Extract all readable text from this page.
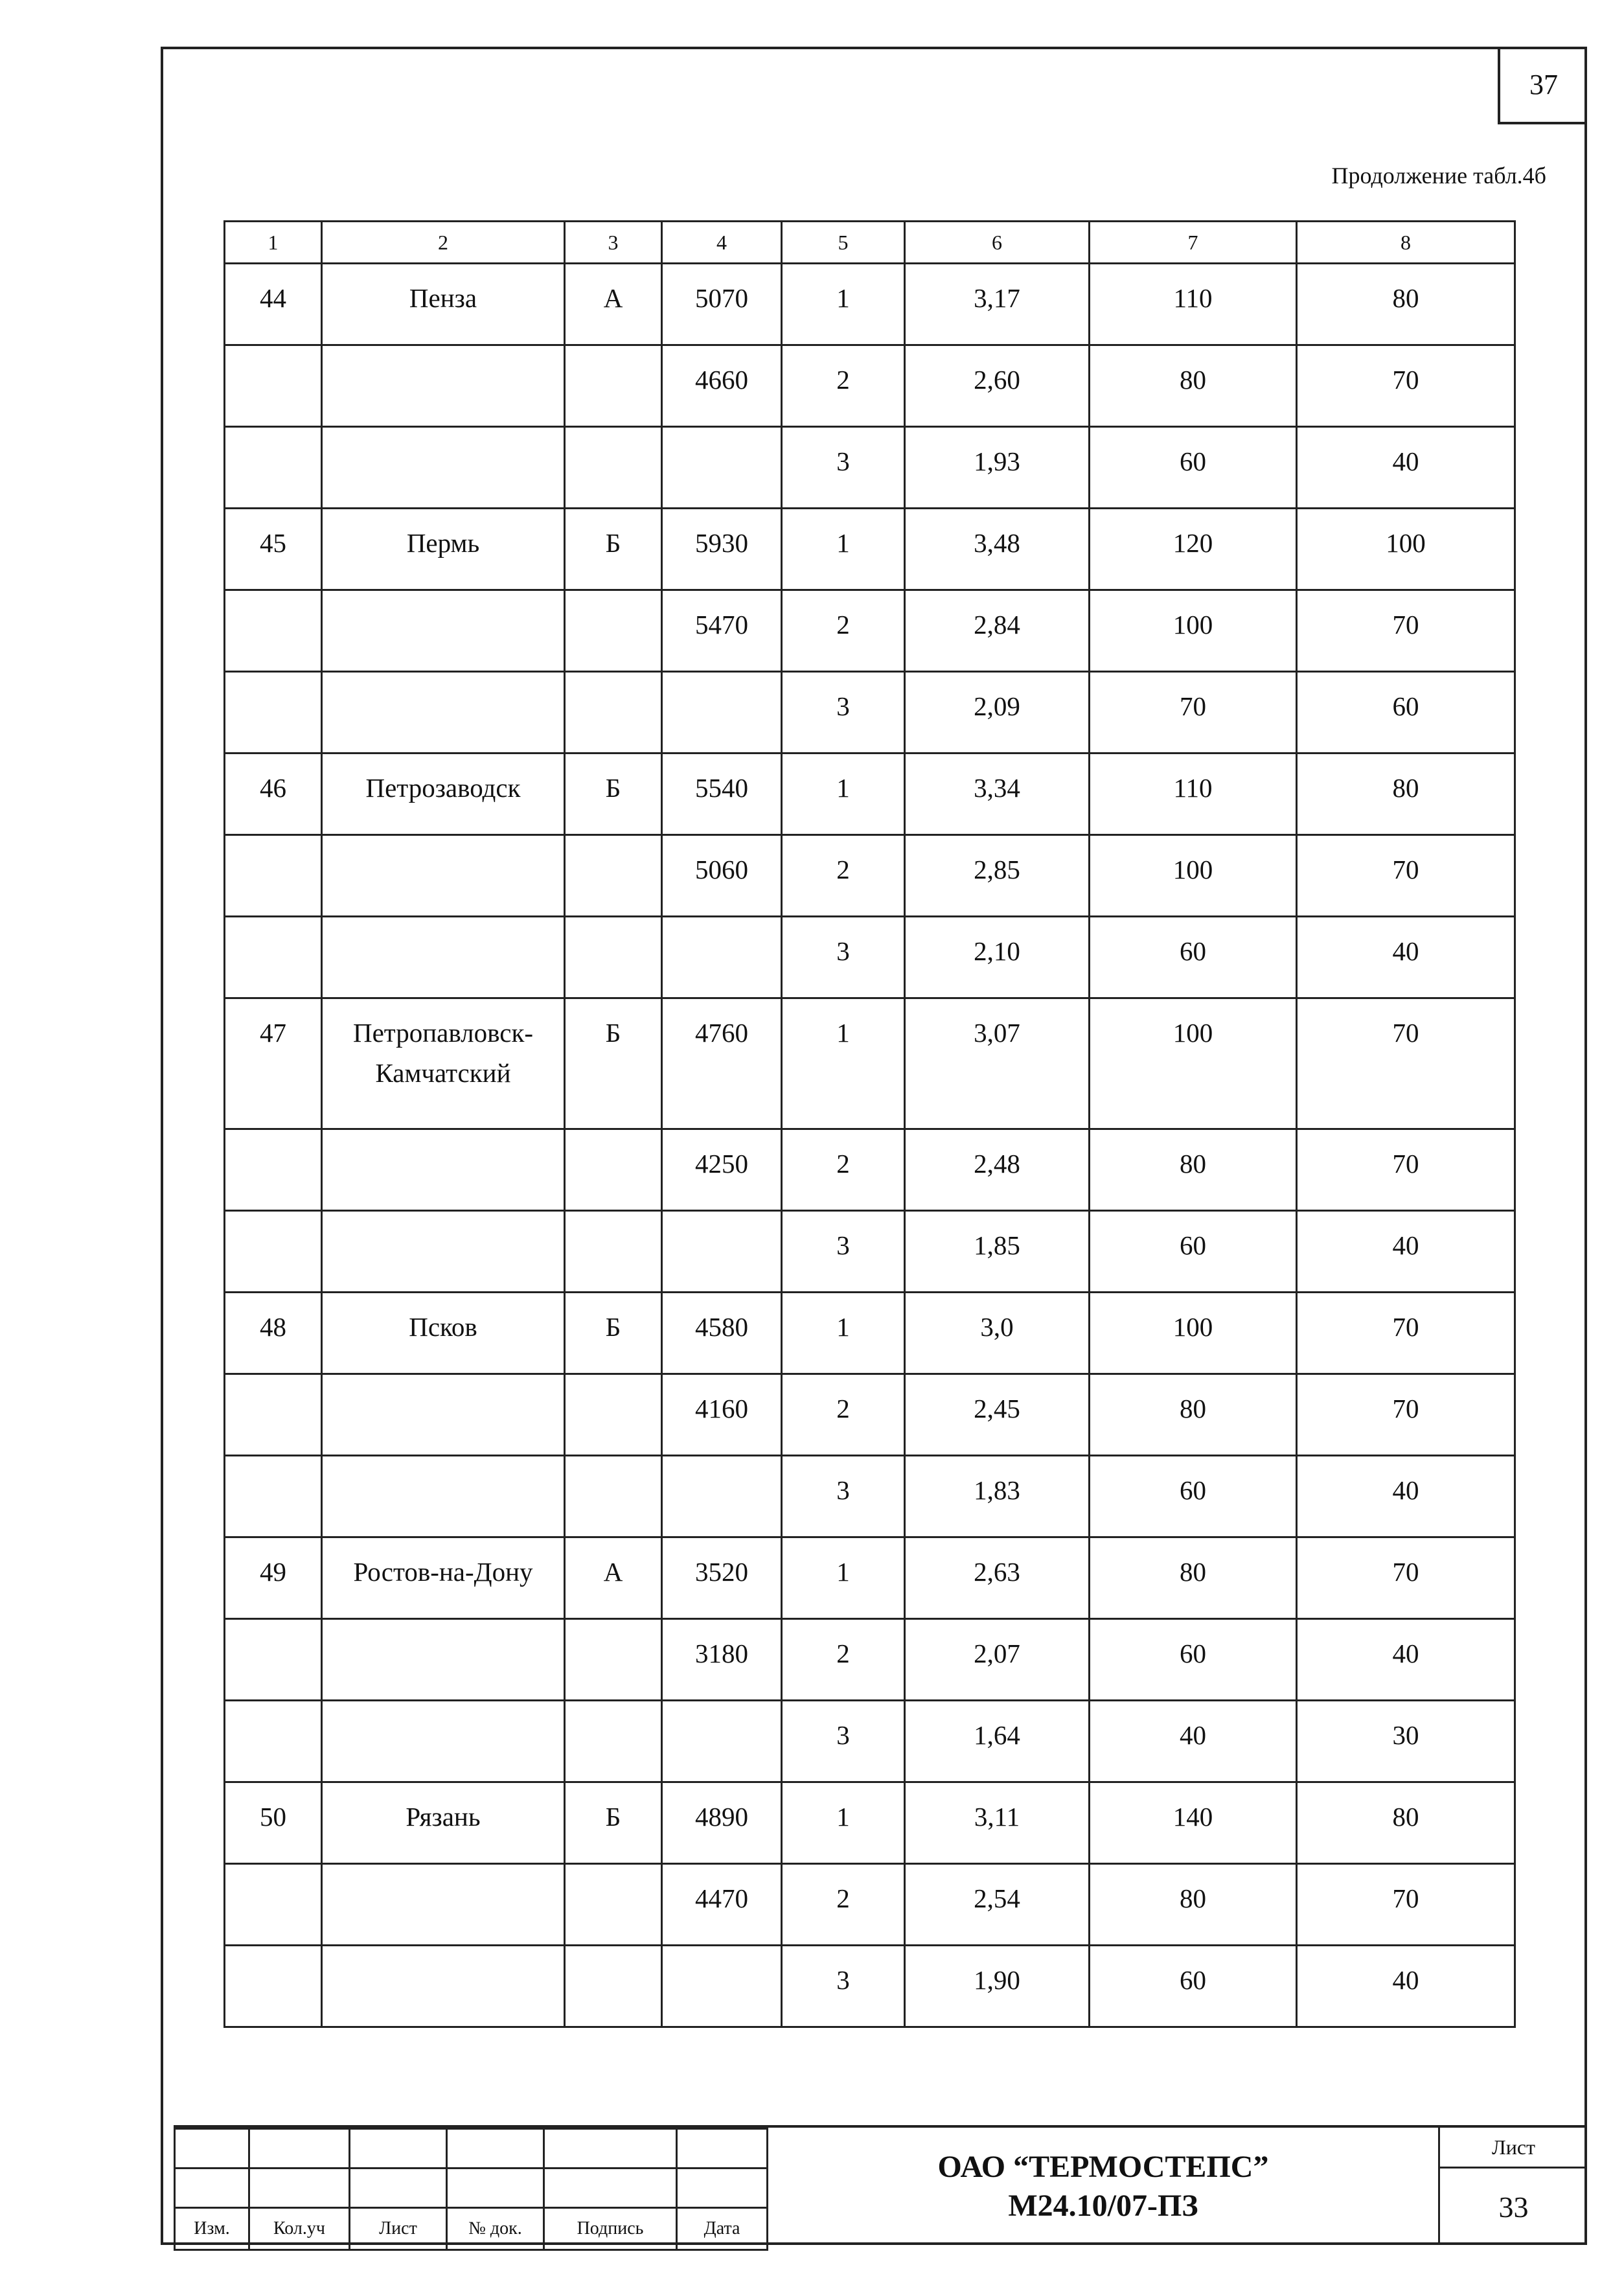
37
Продолжение табл.4б
1	2	3	4	5	6	7	8
44	Пенза	А	5070	1	3,17	110	80
			4660	2	2,60	80	70
				3	1,93	60	40
45	Пермь	Б	5930	1	3,48	120	100
			5470	2	2,84	100	70
				3	2,09	70	60
46	Петрозаводск	Б	5540	1	3,34	110	80
			5060	2	2,85	100	70
				3	2,10	60	40
47	Петропавловск-Камчатский	Б	4760	1	3,07	100	70
			4250	2	2,48	80	70
				3	1,85	60	40
48	Псков	Б	4580	1	3,0	100	70
			4160	2	2,45	80	70
				3	1,83	60	40
49	Ростов-на-Дону	А	3520	1	2,63	80	70
			3180	2	2,07	60	40
				3	1,64	40	30
50	Рязань	Б	4890	1	3,11	140	80
			4470	2	2,54	80	70
				3	1,90	60	40

Изм.	Кол.уч	Лист	№ док.	Подпись	Дата
ОАО “ТЕРМОСТЕПС”
М24.10/07-ПЗ
Лист
33
